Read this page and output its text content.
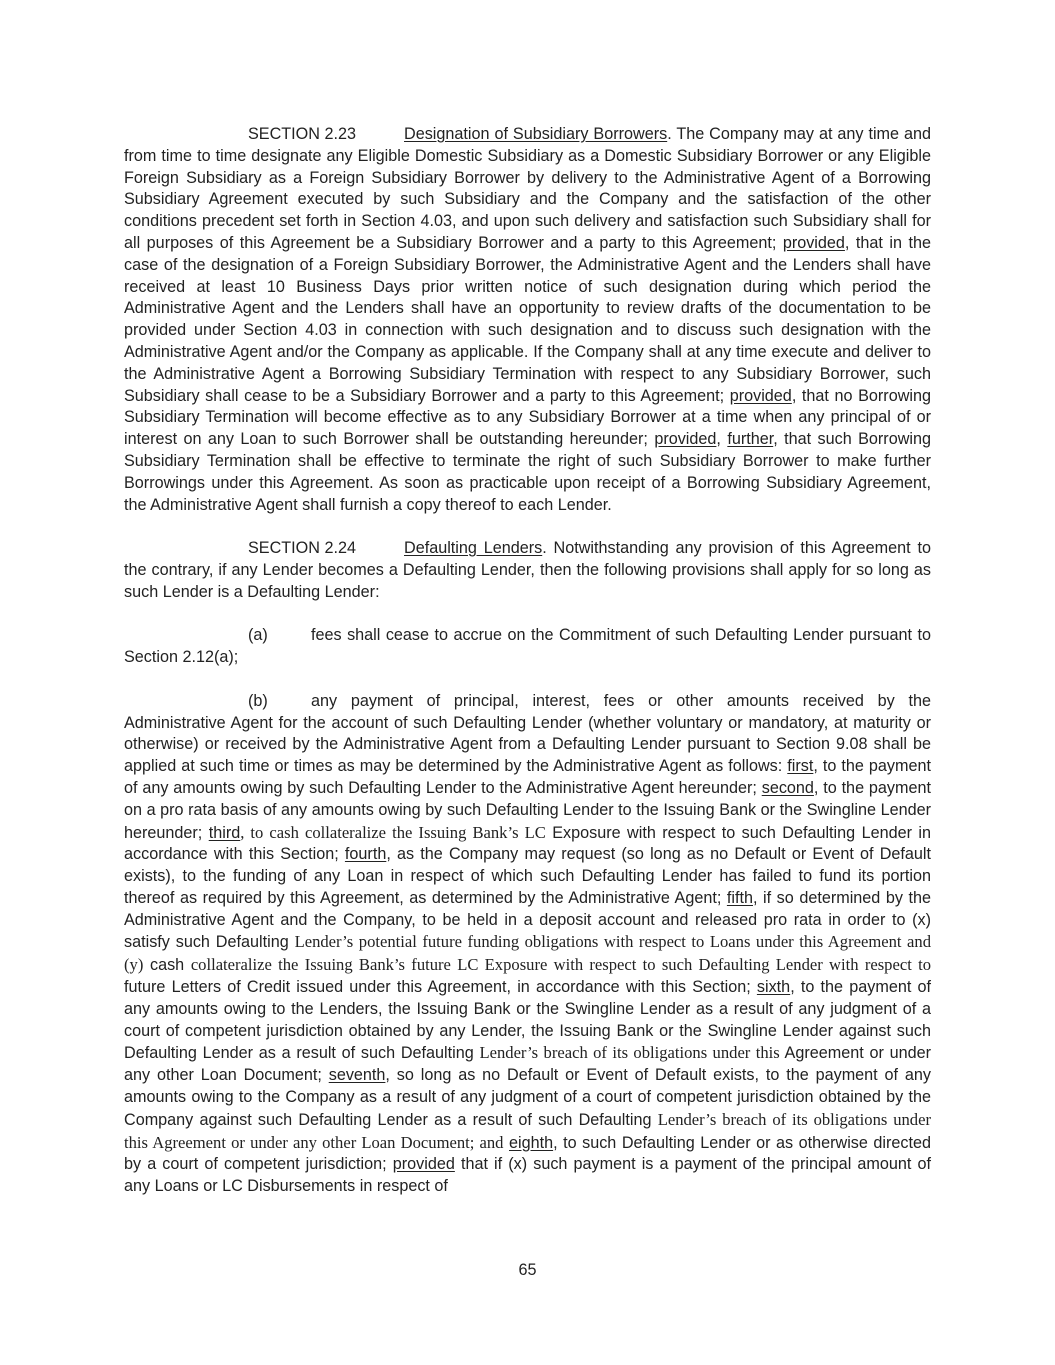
SECTION 2.23	Designation of Subsidiary Borrowers. The Company may at any time and from time to time designate any Eligible Domestic Subsidiary as a Domestic Subsidiary Borrower or any Eligible Foreign Subsidiary as a Foreign Subsidiary Borrower by delivery to the Administrative Agent of a Borrowing Subsidiary Agreement executed by such Subsidiary and the Company and the satisfaction of the other conditions precedent set forth in Section 4.03, and upon such delivery and satisfaction such Subsidiary shall for all purposes of this Agreement be a Subsidiary Borrower and a party to this Agreement; provided, that in the case of the designation of a Foreign Subsidiary Borrower, the Administrative Agent and the Lenders shall have received at least 10 Business Days prior written notice of such designation during which period the Administrative Agent and the Lenders shall have an opportunity to review drafts of the documentation to be provided under Section 4.03 in connection with such designation and to discuss such designation with the Administrative Agent and/or the Company as applicable. If the Company shall at any time execute and deliver to the Administrative Agent a Borrowing Subsidiary Termination with respect to any Subsidiary Borrower, such Subsidiary shall cease to be a Subsidiary Borrower and a party to this Agreement; provided, that no Borrowing Subsidiary Termination will become effective as to any Subsidiary Borrower at a time when any principal of or interest on any Loan to such Borrower shall be outstanding hereunder; provided, further, that such Borrowing Subsidiary Termination shall be effective to terminate the right of such Subsidiary Borrower to make further Borrowings under this Agreement. As soon as practicable upon receipt of a Borrowing Subsidiary Agreement, the Administrative Agent shall furnish a copy thereof to each Lender.

SECTION 2.24	Defaulting Lenders. Notwithstanding any provision of this Agreement to the contrary, if any Lender becomes a Defaulting Lender, then the following provisions shall apply for so long as such Lender is a Defaulting Lender:

(a)	fees shall cease to accrue on the Commitment of such Defaulting Lender pursuant to Section 2.12(a);

(b)	any payment of principal, interest, fees or other amounts received by the Administrative Agent for the account of such Defaulting Lender (whether voluntary or mandatory, at maturity or otherwise) or received by the Administrative Agent from a Defaulting Lender pursuant to Section 9.08 shall be applied at such time or times as may be determined by the Administrative Agent as follows: first, to the payment of any amounts owing by such Defaulting Lender to the Administrative Agent hereunder; second, to the payment on a pro rata basis of any amounts owing by such Defaulting Lender to the Issuing Bank or the Swingline Lender hereunder; third, to cash collateralize the Issuing Bank’s LC Exposure with respect to such Defaulting Lender in accordance with this Section; fourth, as the Company may request (so long as no Default or Event of Default exists), to the funding of any Loan in respect of which such Defaulting Lender has failed to fund its portion thereof as required by this Agreement, as determined by the Administrative Agent; fifth, if so determined by the Administrative Agent and the Company, to be held in a deposit account and released pro rata in order to (x) satisfy such Defaulting Lender’s potential future funding obligations with respect to Loans under this Agreement and (y) cash collateralize the Issuing Bank’s future LC Exposure with respect to such Defaulting Lender with respect to future Letters of Credit issued under this Agreement, in accordance with this Section; sixth, to the payment of any amounts owing to the Lenders, the Issuing Bank or the Swingline Lender as a result of any judgment of a court of competent jurisdiction obtained by any Lender, the Issuing Bank or the Swingline Lender against such Defaulting Lender as a result of such Defaulting Lender’s breach of its obligations under this Agreement or under any other Loan Document; seventh, so long as no Default or Event of Default exists, to the payment of any amounts owing to the Company as a result of any judgment of a court of competent jurisdiction obtained by the Company against such Defaulting Lender as a result of such Defaulting Lender’s breach of its obligations under this Agreement or under any other Loan Document; and eighth, to such Defaulting Lender or as otherwise directed by a court of competent jurisdiction; provided that if (x) such payment is a payment of the principal amount of any Loans or LC Disbursements in respect of

65
